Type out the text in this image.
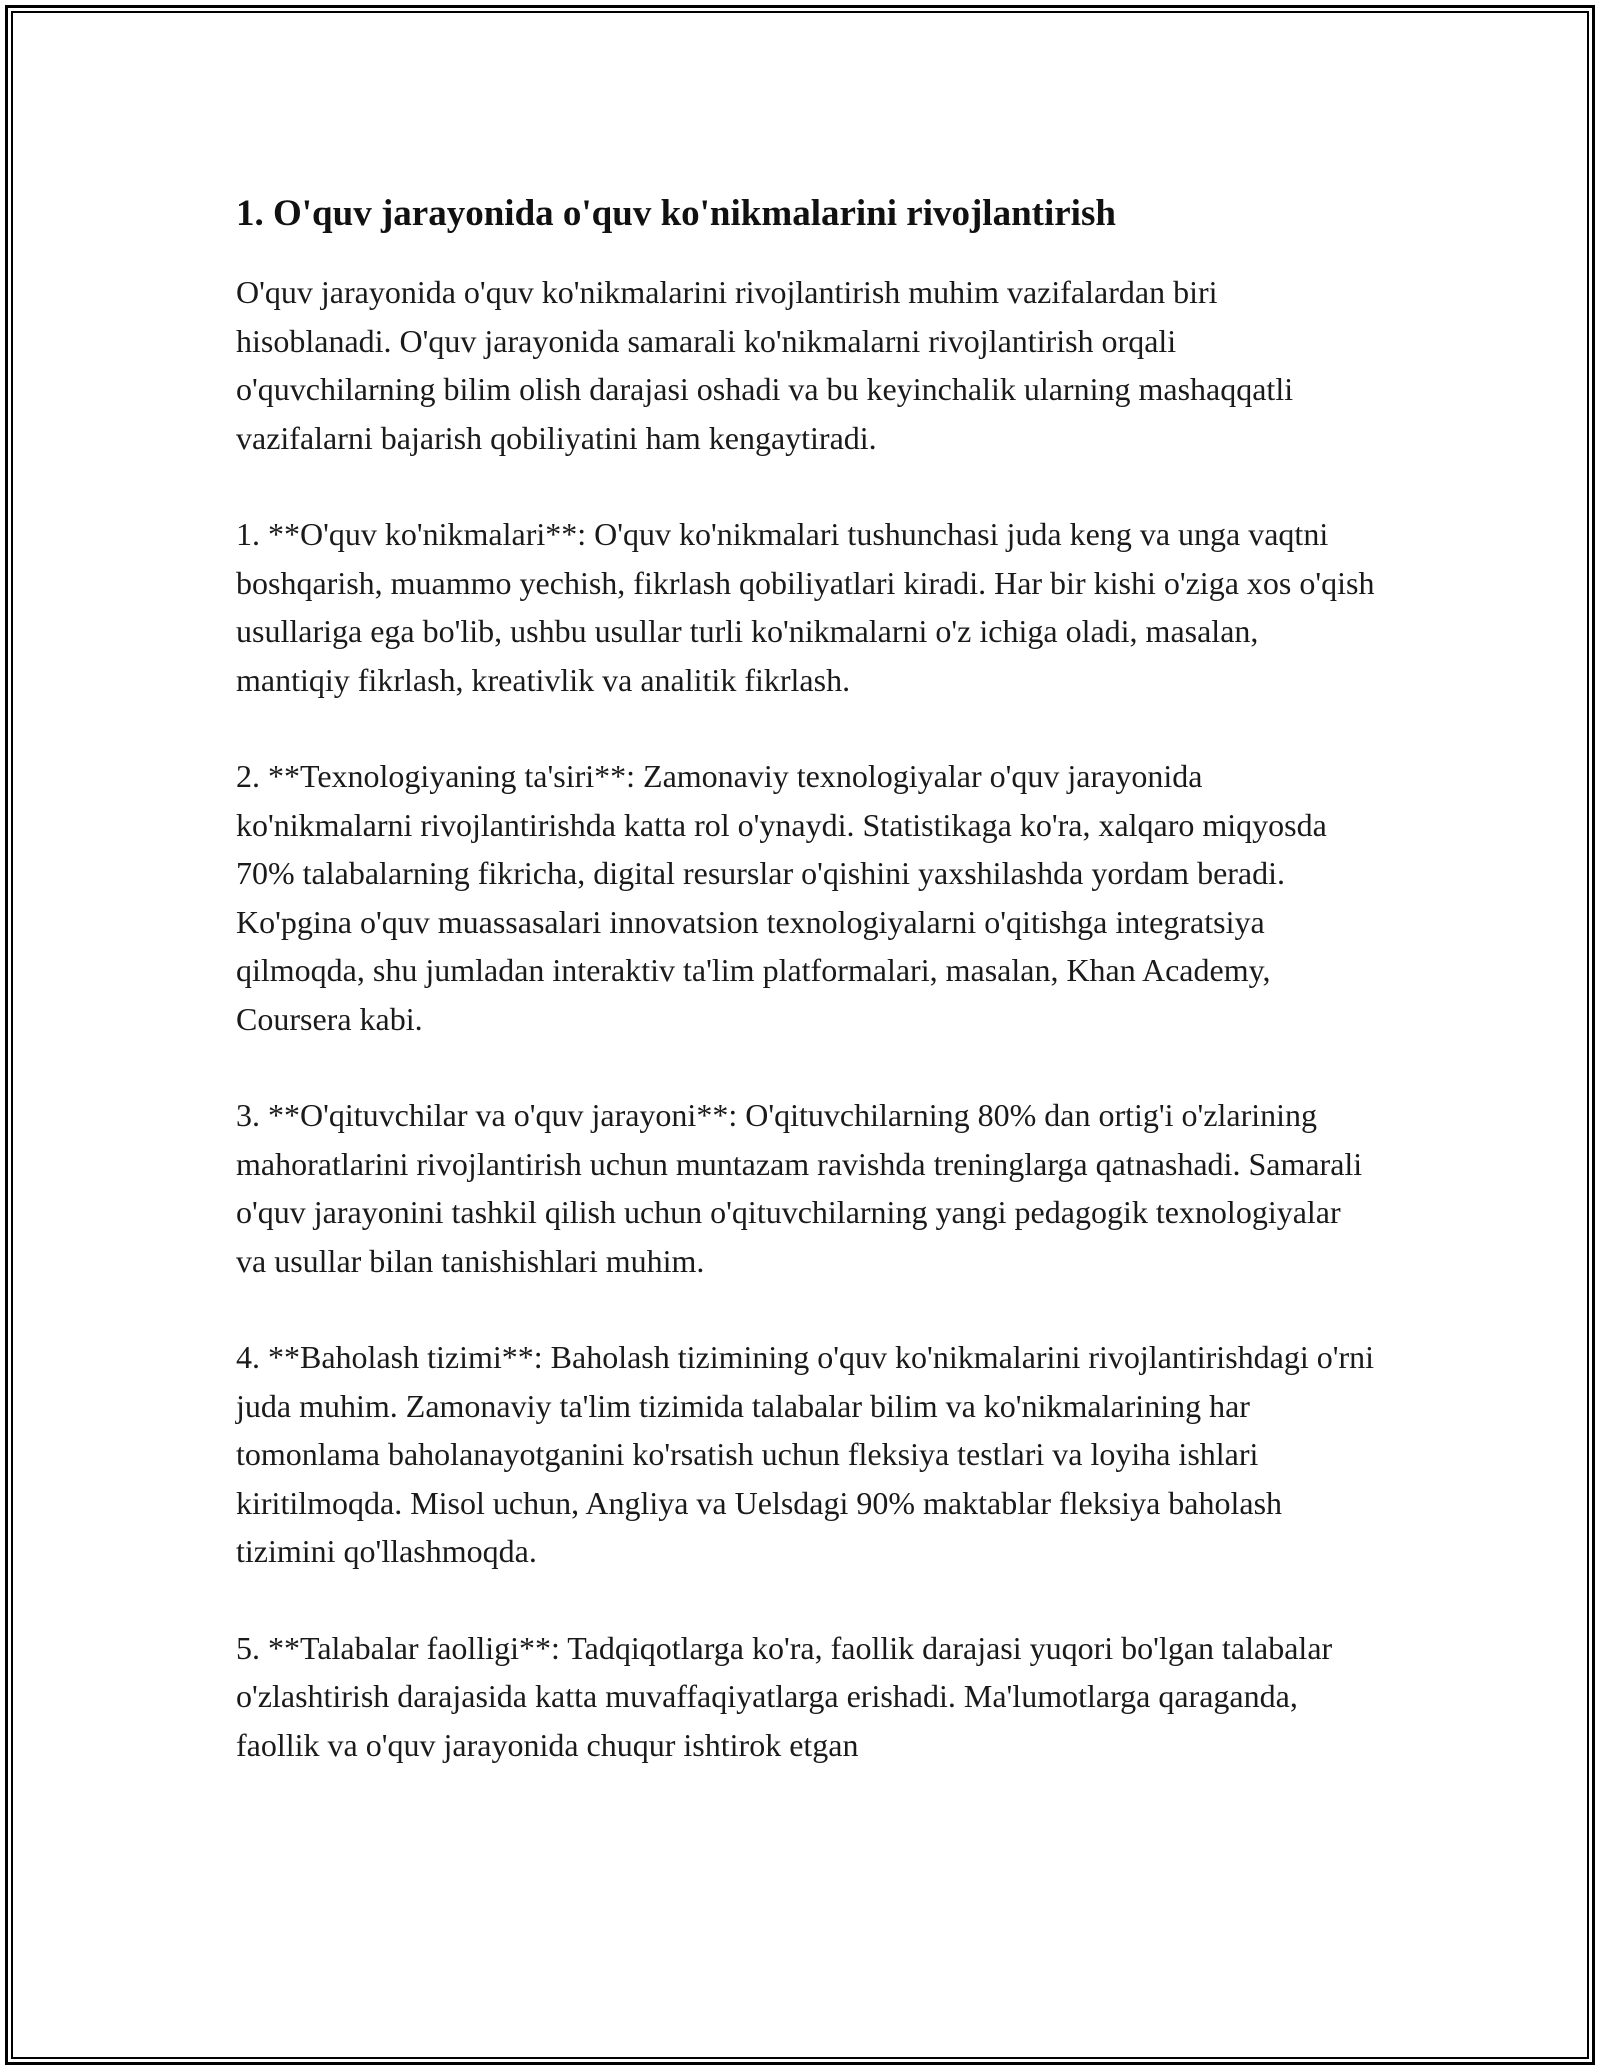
1. O'quv jarayonida o'quv ko'nikmalarini rivojlantirish

O'quv jarayonida o'quv ko'nikmalarini rivojlantirish muhim vazifalardan biri hisoblanadi. O'quv jarayonida samarali ko'nikmalarni rivojlantirish orqali o'quvchilarning bilim olish darajasi oshadi va bu keyinchalik ularning mashaqqatli vazifalarni bajarish qobiliyatini ham kengaytiradi.

1. **O'quv ko'nikmalari**: O'quv ko'nikmalari tushunchasi juda keng va unga vaqtni boshqarish, muammo yechish, fikrlash qobiliyatlari kiradi. Har bir kishi o'ziga xos o'qish usullariga ega bo'lib, ushbu usullar turli ko'nikmalarni o'z ichiga oladi, masalan, mantiqiy fikrlash, kreativlik va analitik fikrlash.

2. **Texnologiyaning ta'siri**: Zamonaviy texnologiyalar o'quv jarayonida ko'nikmalarni rivojlantirishda katta rol o'ynaydi. Statistikaga ko'ra, xalqaro miqyosda 70% talabalarning fikricha, digital resurslar o'qishini yaxshilashda yordam beradi. Ko'pgina o'quv muassasalari innovatsion texnologiyalarni o'qitishga integratsiya qilmoqda, shu jumladan interaktiv ta'lim platformalari, masalan, Khan Academy, Coursera kabi.

3. **O'qituvchilar va o'quv jarayoni**: O'qituvchilarning 80% dan ortig'i o'zlarining mahoratlarini rivojlantirish uchun muntazam ravishda treninglarga qatnashadi. Samarali o'quv jarayonini tashkil qilish uchun o'qituvchilarning yangi pedagogik texnologiyalar va usullar bilan tanishishlari muhim.

4. **Baholash tizimi**: Baholash tizimining o'quv ko'nikmalarini rivojlantirishdagi o'rni juda muhim. Zamonaviy ta'lim tizimida talabalar bilim va ko'nikmalarining har tomonlama baholanayotganini ko'rsatish uchun fleksiya testlari va loyiha ishlari kiritilmoqda. Misol uchun, Angliya va Uelsdagi 90% maktablar fleksiya baholash tizimini qo'llashmoqda.

5. **Talabalar faolligi**: Tadqiqotlarga ko'ra, faollik darajasi yuqori bo'lgan talabalar o'zlashtirish darajasida katta muvaffaqiyatlarga erishadi. Ma'lumotlarga qaraganda, faollik va o'quv jarayonida chuqur ishtirok etgan
